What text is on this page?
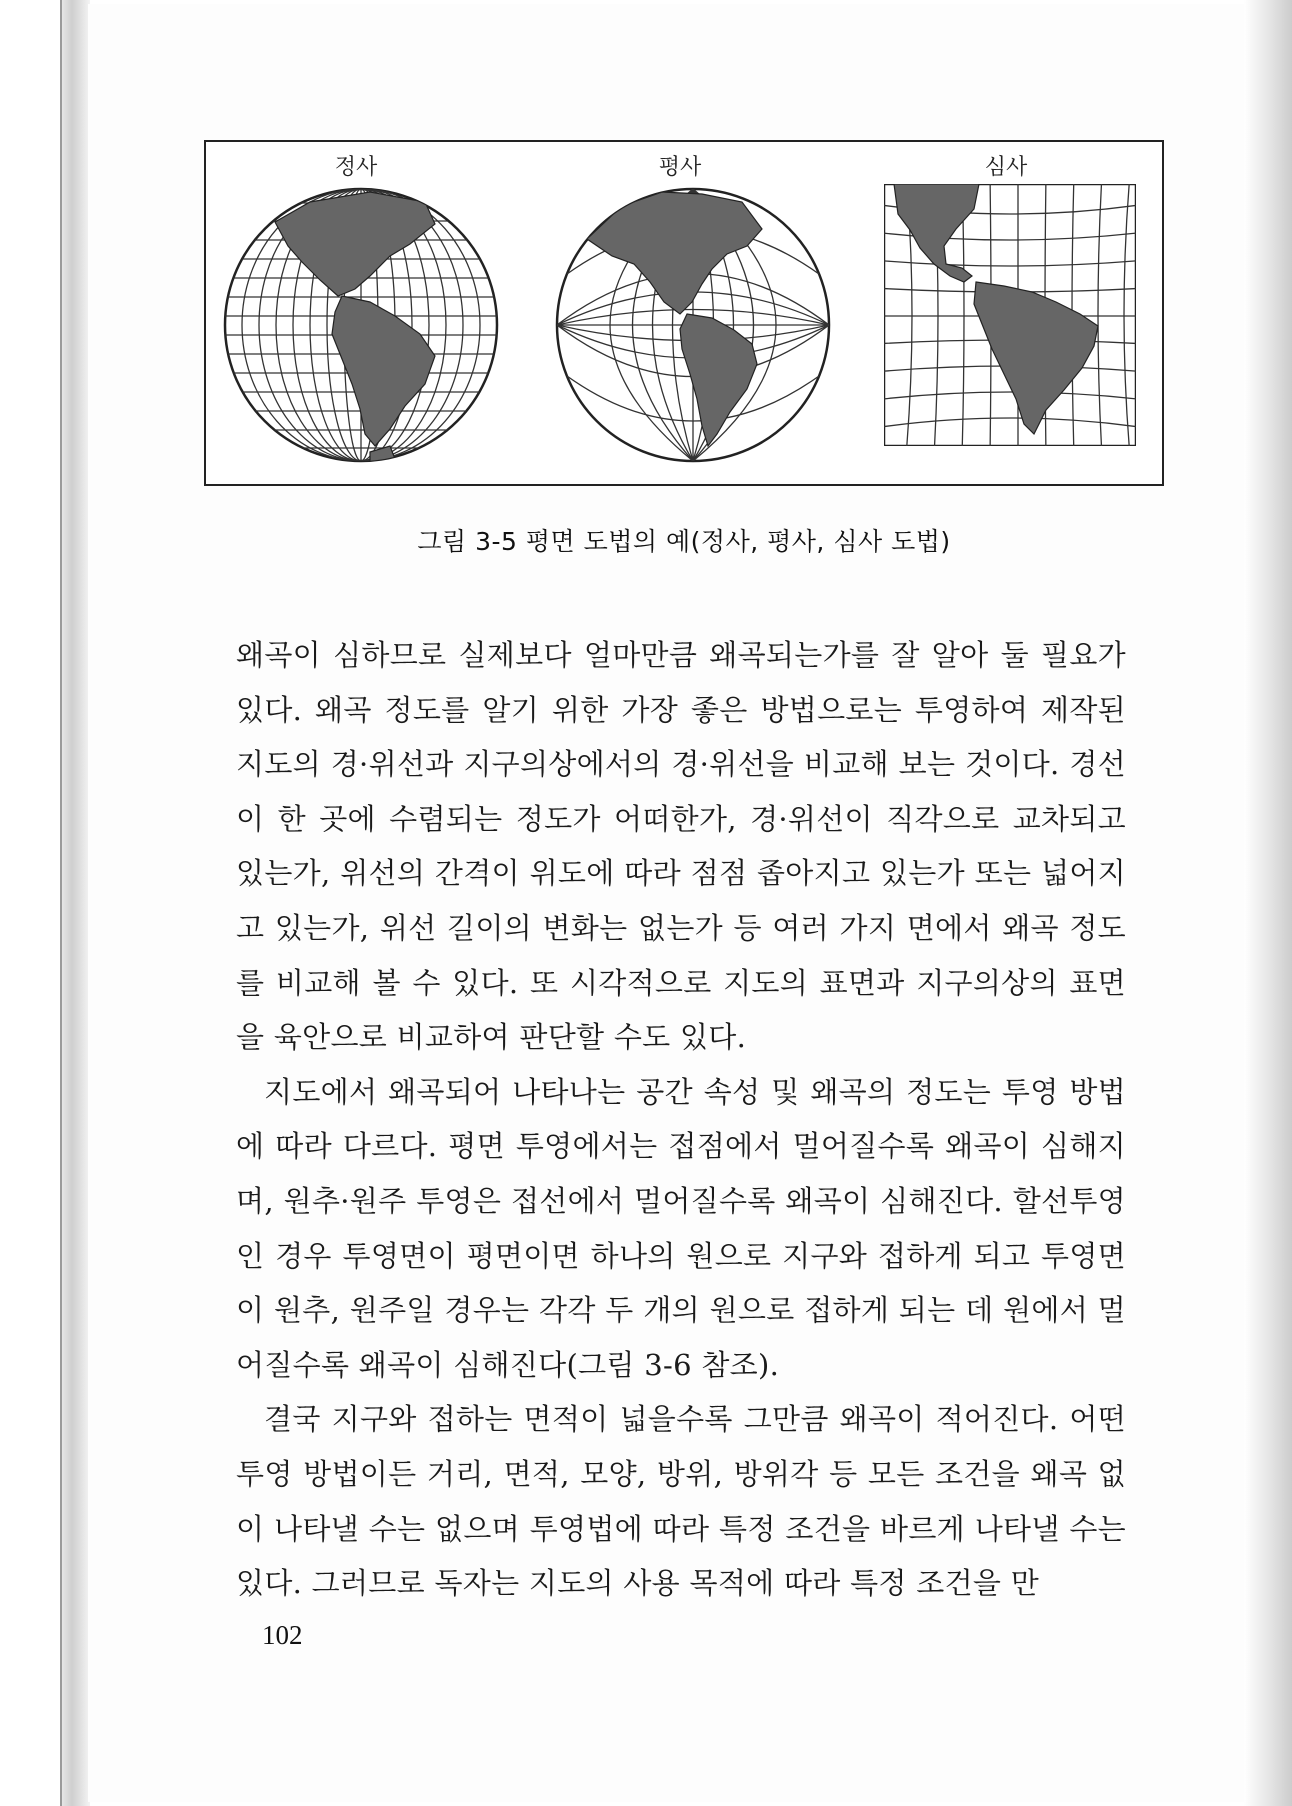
정사	평사	심사
그림 3-5 평면 도법의 예(정사, 평사, 심사 도법)

왜곡이 심하므로 실제보다 얼마만큼 왜곡되는가를 잘 알아 둘 필요가 있다. 왜곡 정도를 알기 위한 가장 좋은 방법으로는 투영하여 제작된 지도의 경·위선과 지구의상에서의 경·위선을 비교해 보는 것이다. 경선이 한 곳에 수렴되는 정도가 어떠한가, 경·위선이 직각으로 교차되고 있는가, 위선의 간격이 위도에 따라 점점 좁아지고 있는가 또는 넓어지고 있는가, 위선 길이의 변화는 없는가 등 여러 가지 면에서 왜곡 정도를 비교해 볼 수 있다. 또 시각적으로 지도의 표면과 지구의상의 표면을 육안으로 비교하여 판단할 수도 있다.

지도에서 왜곡되어 나타나는 공간 속성 및 왜곡의 정도는 투영 방법에 따라 다르다. 평면 투영에서는 접점에서 멀어질수록 왜곡이 심해지며, 원추·원주 투영은 접선에서 멀어질수록 왜곡이 심해진다. 할선투영인 경우 투영면이 평면이면 하나의 원으로 지구와 접하게 되고 투영면이 원추, 원주일 경우는 각각 두 개의 원으로 접하게 되는 데 원에서 멀어질수록 왜곡이 심해진다(그림 3-6 참조).

결국 지구와 접하는 면적이 넓을수록 그만큼 왜곡이 적어진다. 어떤 투영 방법이든 거리, 면적, 모양, 방위, 방위각 등 모든 조건을 왜곡 없이 나타낼 수는 없으며 투영법에 따라 특정 조건을 바르게 나타낼 수는 있다. 그러므로 독자는 지도의 사용 목적에 따라 특정 조건을 만

102
